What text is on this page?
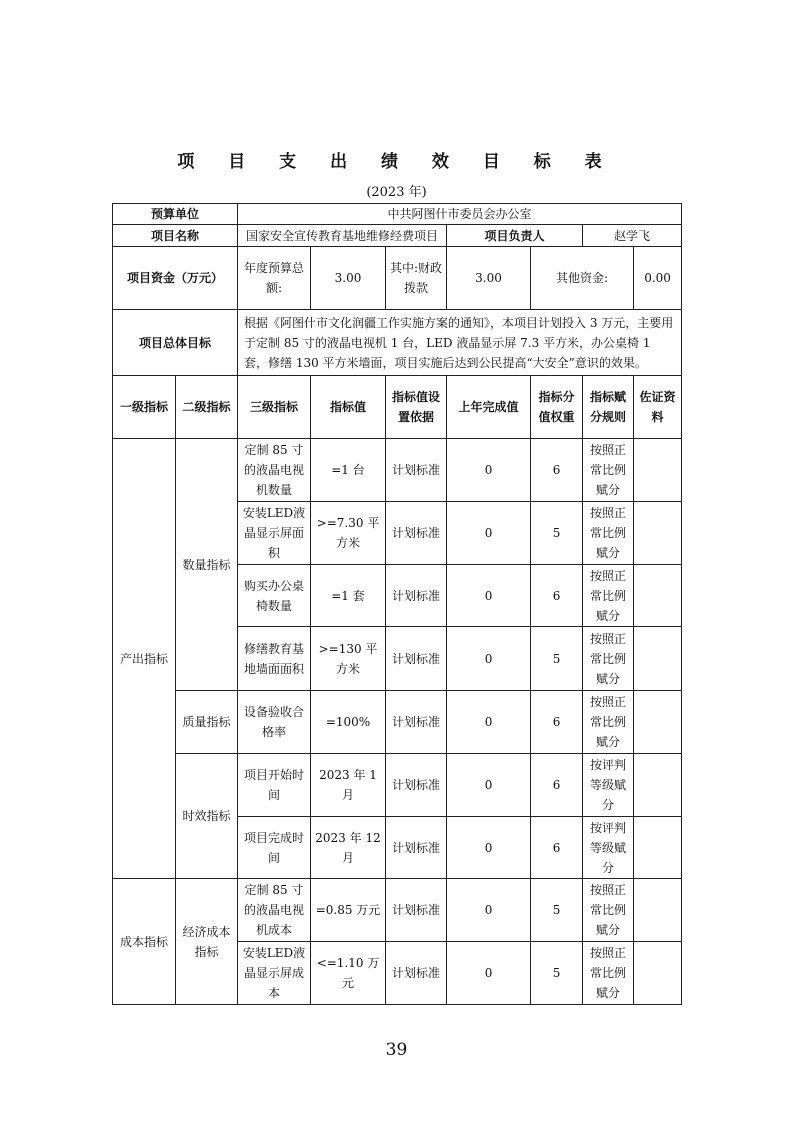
项 目 支 出 绩 效 目 标 表
(2023 年)
预算单位		中共阿图什市委员会办公室						
项目名称		国家安全宣传教育基地维修经费项目			项目负责人		赵学飞	
项目资金（万元）		年度预算总额:	3.00	其中:财政拨款	3.00	其他资金:		0.00
项目总体目标		根据《阿图什市文化润疆工作实施方案的通知》，本项目计划投入 3 万元，主要用于定制 85 寸的液晶电视机 1 台，LED 液晶显示屏 7.3 平方米，办公桌椅 1 套，修缮 130 平方米墙面，项目实施后达到公民提高“大安全”意识的效果。						
一级指标	二级指标	三级指标	指标值	指标值设置依据	上年完成值	指标分值权重	指标赋分规则	佐证资料
产出指标	数量指标	定制 85 寸的液晶电视机数量	=1 台	计划标准	0	6	按照正常比例赋分	
		安装LED液晶显示屏面积	>=7.30 平方米	计划标准	0	5	按照正常比例赋分	
		购买办公桌椅数量	=1 套	计划标准	0	6	按照正常比例赋分	
		修缮教育基地墙面面积	>=130 平方米	计划标准	0	5	按照正常比例赋分	
	质量指标	设备验收合格率	=100%	计划标准	0	6	按照正常比例赋分	
	时效指标	项目开始时间	2023 年 1 月	计划标准	0	6	按评判等级赋分	
		项目完成时间	2023 年 12 月	计划标准	0	6	按评判等级赋分	
成本指标	经济成本指标	定制 85 寸的液晶电视机成本	=0.85 万元	计划标准	0	5	按照正常比例赋分	
		安装LED液晶显示屏成本	<=1.10 万元	计划标准	0	5	按照正常比例赋分	
39
